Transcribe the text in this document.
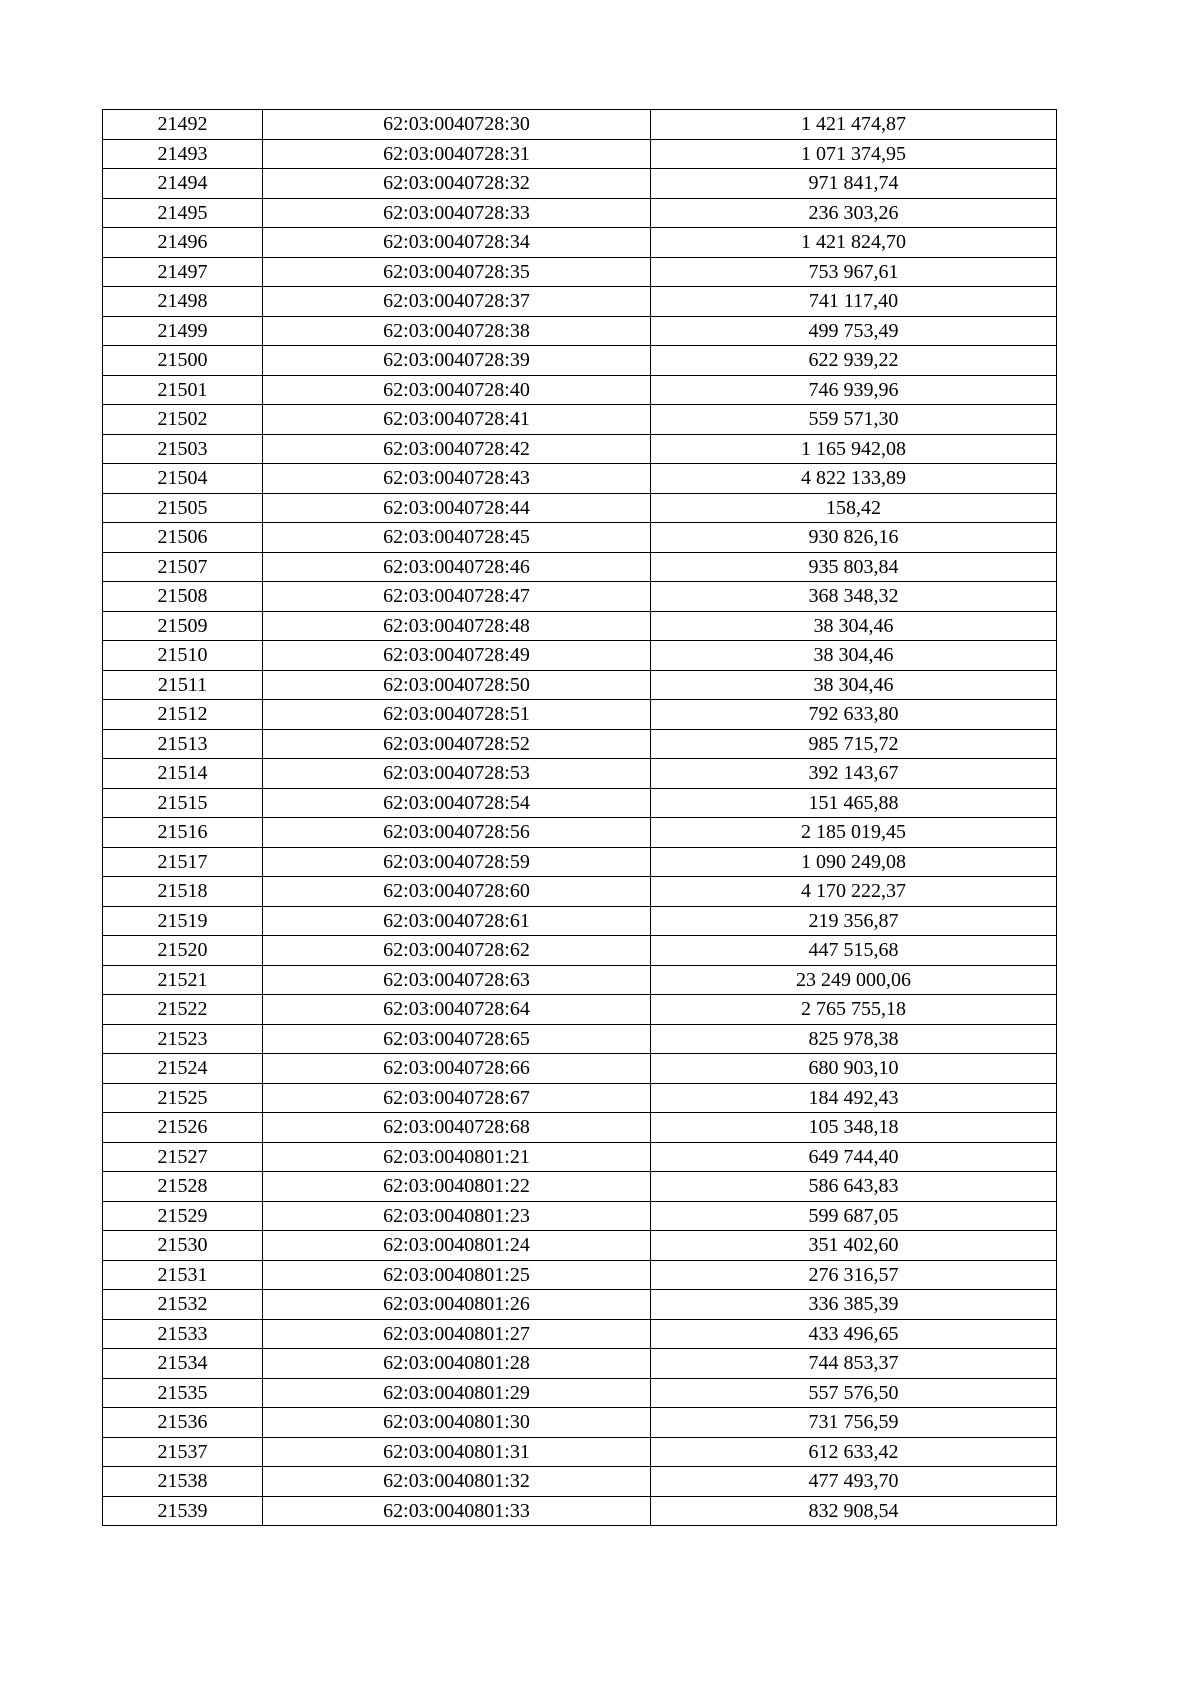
21492	62:03:0040728:30	1 421 474,87
21493	62:03:0040728:31	1 071 374,95
21494	62:03:0040728:32	971 841,74
21495	62:03:0040728:33	236 303,26
21496	62:03:0040728:34	1 421 824,70
21497	62:03:0040728:35	753 967,61
21498	62:03:0040728:37	741 117,40
21499	62:03:0040728:38	499 753,49
21500	62:03:0040728:39	622 939,22
21501	62:03:0040728:40	746 939,96
21502	62:03:0040728:41	559 571,30
21503	62:03:0040728:42	1 165 942,08
21504	62:03:0040728:43	4 822 133,89
21505	62:03:0040728:44	158,42
21506	62:03:0040728:45	930 826,16
21507	62:03:0040728:46	935 803,84
21508	62:03:0040728:47	368 348,32
21509	62:03:0040728:48	38 304,46
21510	62:03:0040728:49	38 304,46
21511	62:03:0040728:50	38 304,46
21512	62:03:0040728:51	792 633,80
21513	62:03:0040728:52	985 715,72
21514	62:03:0040728:53	392 143,67
21515	62:03:0040728:54	151 465,88
21516	62:03:0040728:56	2 185 019,45
21517	62:03:0040728:59	1 090 249,08
21518	62:03:0040728:60	4 170 222,37
21519	62:03:0040728:61	219 356,87
21520	62:03:0040728:62	447 515,68
21521	62:03:0040728:63	23 249 000,06
21522	62:03:0040728:64	2 765 755,18
21523	62:03:0040728:65	825 978,38
21524	62:03:0040728:66	680 903,10
21525	62:03:0040728:67	184 492,43
21526	62:03:0040728:68	105 348,18
21527	62:03:0040801:21	649 744,40
21528	62:03:0040801:22	586 643,83
21529	62:03:0040801:23	599 687,05
21530	62:03:0040801:24	351 402,60
21531	62:03:0040801:25	276 316,57
21532	62:03:0040801:26	336 385,39
21533	62:03:0040801:27	433 496,65
21534	62:03:0040801:28	744 853,37
21535	62:03:0040801:29	557 576,50
21536	62:03:0040801:30	731 756,59
21537	62:03:0040801:31	612 633,42
21538	62:03:0040801:32	477 493,70
21539	62:03:0040801:33	832 908,54
